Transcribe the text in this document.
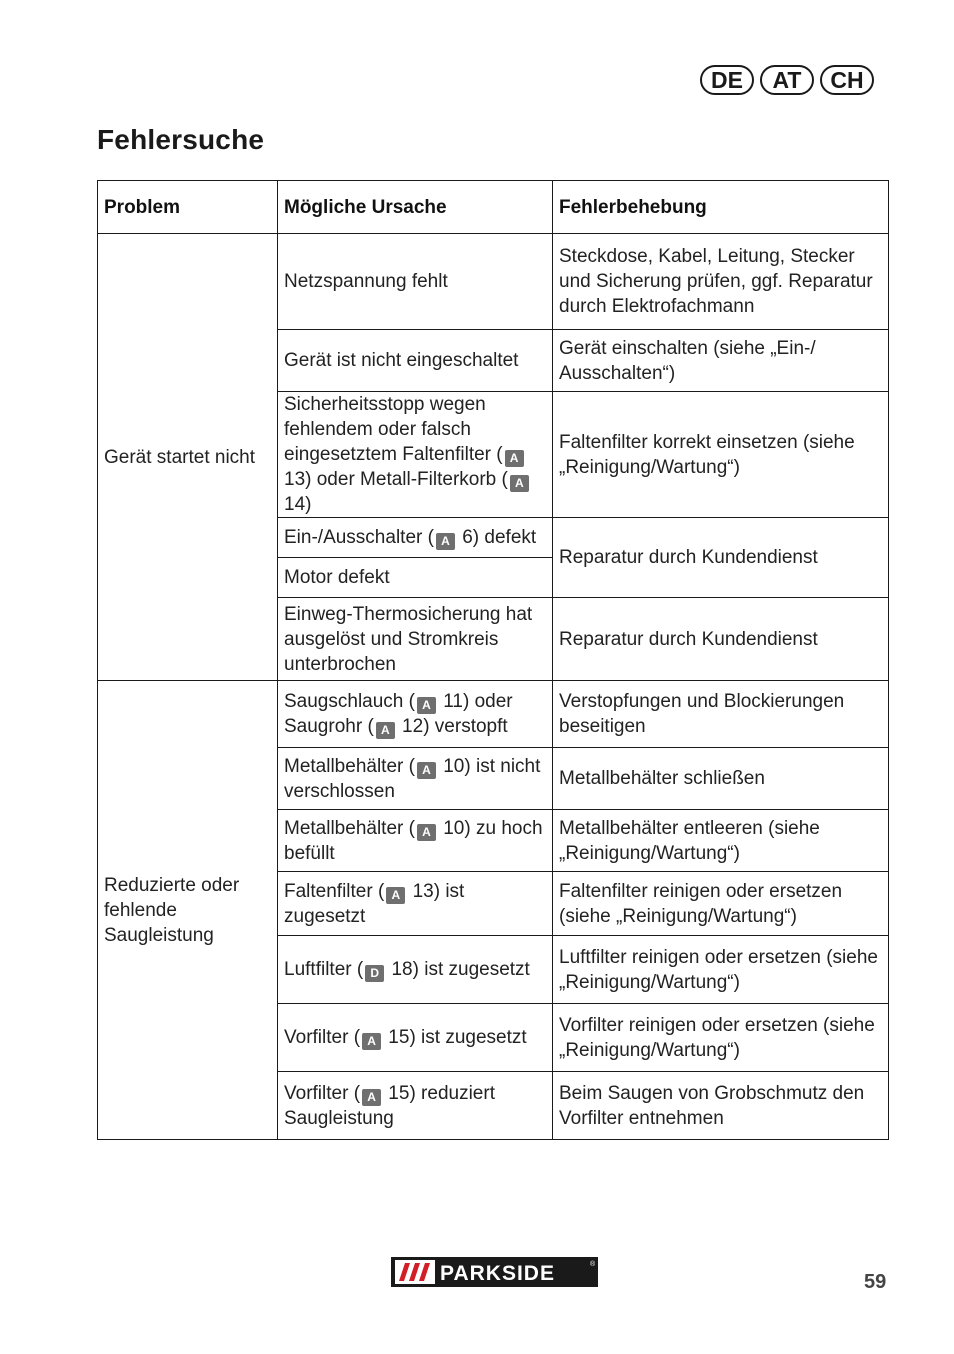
DE	AT	CH
Fehlersuche
Problem	Mögliche Ursache	Fehlerbehebung
Gerät startet nicht	Netzspannung fehlt	Steckdose, Kabel, Leitung, Stecker und Sicherung prüfen, ggf. Reparatur durch Elektrofachmann
	Gerät ist nicht eingeschaltet	Gerät einschalten (siehe „Ein-/ Ausschalten“)
	Sicherheitsstopp wegen fehlendem oder falsch eingesetztem Faltenfilter ( A 13) oder Metall-Filterkorb ( A 14)	Faltenfilter korrekt einsetzen (siehe „Reinigung/Wartung“)
	Ein-/Ausschalter ( A 6) defekt	Reparatur durch Kundendienst
	Motor defekt	
	Einweg-Thermosicherung hat ausgelöst und Stromkreis unterbrochen	Reparatur durch Kundendienst
Reduzierte oder fehlende Saugleistung	Saugschlauch ( A 11) oder Saugrohr ( A 12) verstopft	Verstopfungen und Blockierungen beseitigen
	Metallbehälter ( A 10) ist nicht verschlossen	Metallbehälter schließen
	Metallbehälter ( A 10) zu hoch befüllt	Metallbehälter entleeren (siehe „Reinigung/Wartung“)
	Faltenfilter ( A 13) ist zugesetzt	Faltenfilter reinigen oder ersetzen (siehe „Reinigung/Wartung“)
	Luftfilter ( D 18) ist zugesetzt	Luftfilter reinigen oder ersetzen (siehe „Reinigung/Wartung“)
	Vorfilter ( A 15) ist zugesetzt	Vorfilter reinigen oder ersetzen (siehe „Reinigung/Wartung“)
	Vorfilter ( A 15) reduziert Saugleistung	Beim Saugen von Grobschmutz den Vorfilter entnehmen
PARKSIDE	®
59
